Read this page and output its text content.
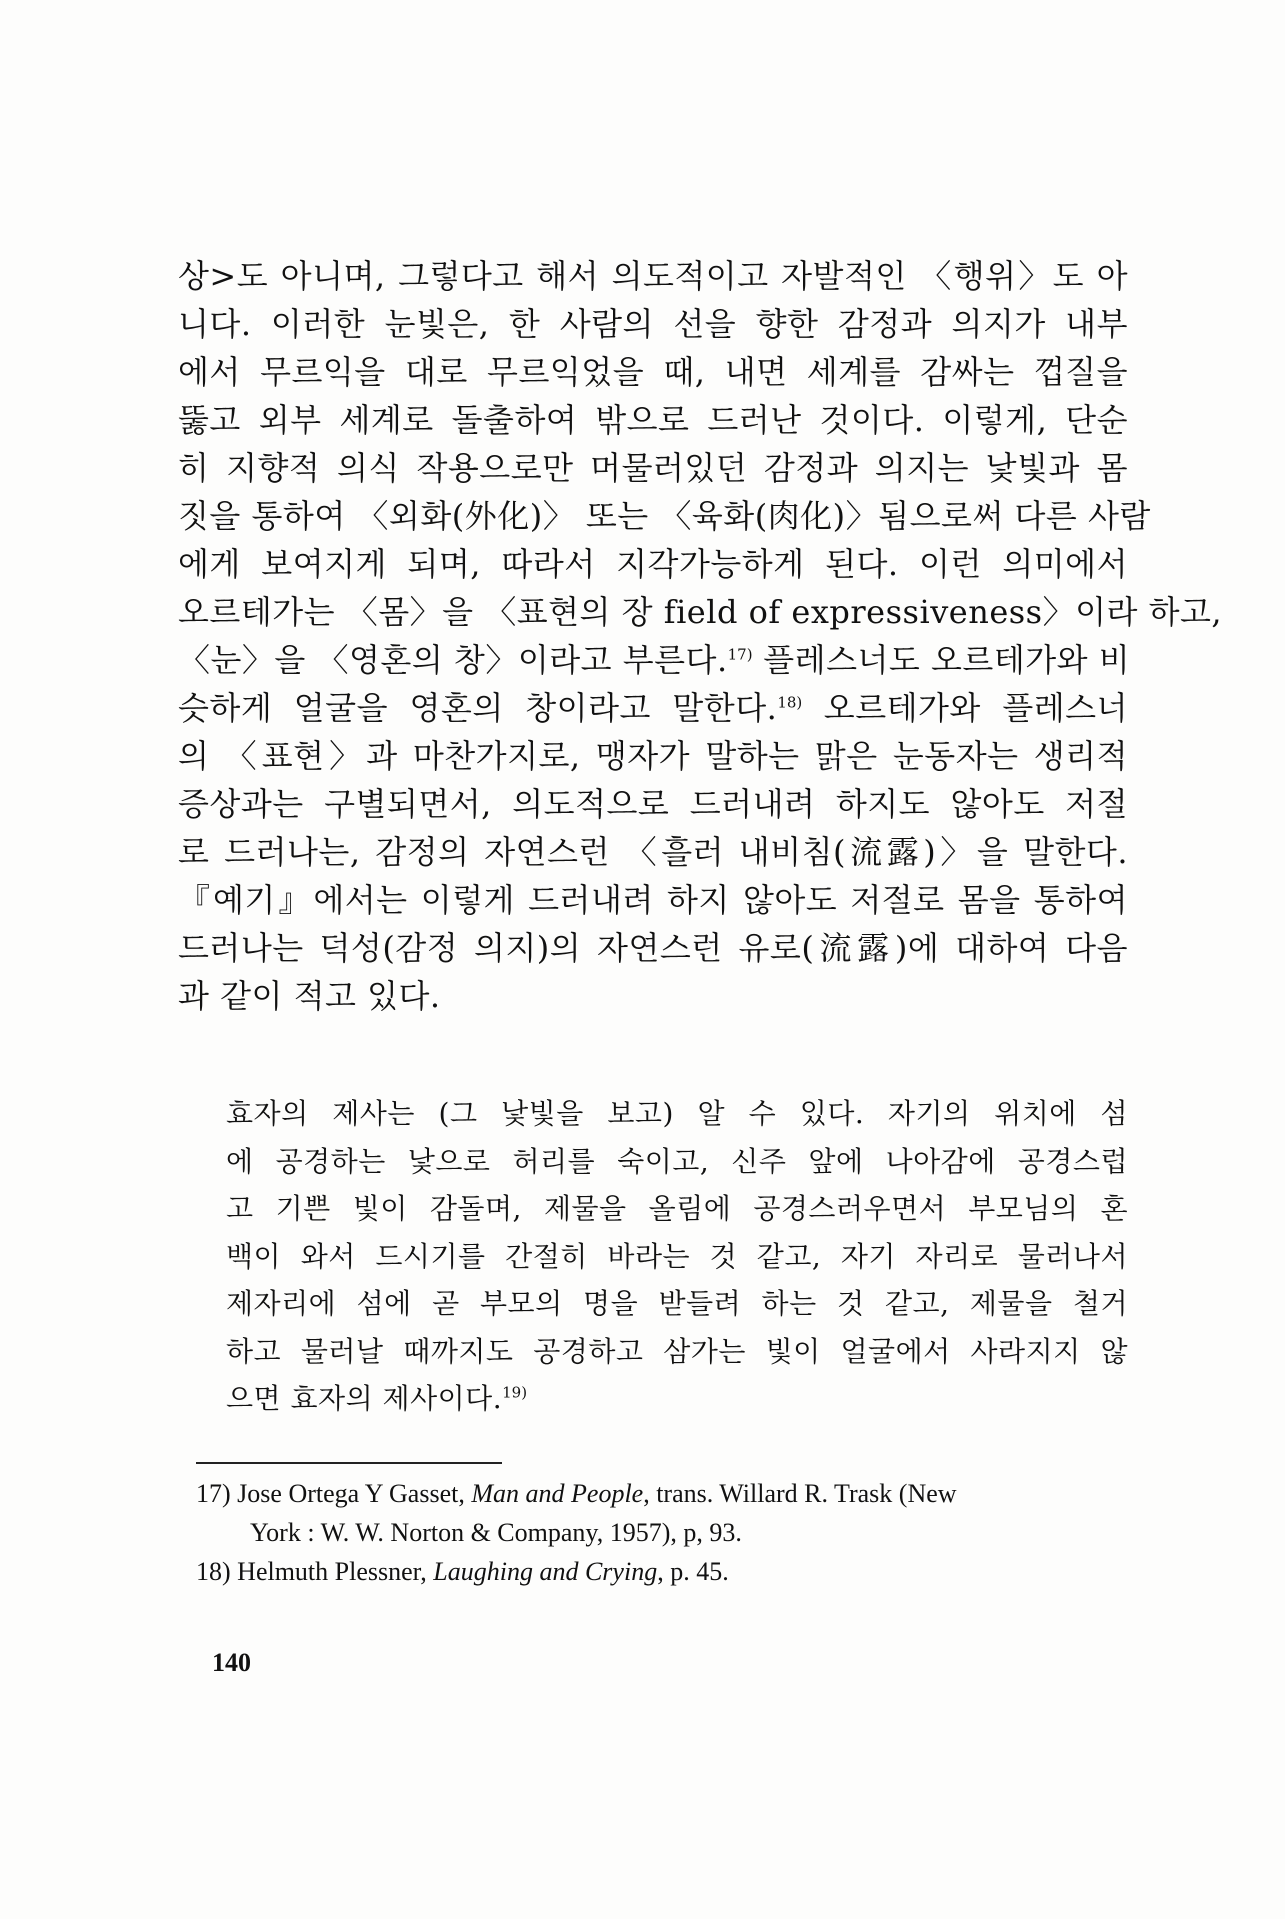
상>도 아니며, 그렇다고 해서 의도적이고 자발적인 〈행위〉도 아
니다. 이러한 눈빛은, 한 사람의 선을 향한 감정과 의지가 내부
에서 무르익을 대로 무르익었을 때, 내면 세계를 감싸는 껍질을
뚫고 외부 세계로 돌출하여 밖으로 드러난 것이다. 이렇게, 단순
히 지향적 의식 작용으로만 머물러있던 감정과 의지는 낯빛과 몸
짓을 통하여 〈외화(外化)〉 또는 〈육화(肉化)〉됨으로써 다른 사람
에게 보여지게 되며, 따라서 지각가능하게 된다. 이런 의미에서
오르테가는 〈몸〉을 〈표현의 장 field of expressiveness〉이라 하고,
〈눈〉을 〈영혼의 창〉이라고 부른다.$^{17)}$ 플레스너도 오르테가와 비
슷하게 얼굴을 영혼의 창이라고 말한다.$^{18)}$ 오르테가와 플레스너
의 〈표현〉과 마찬가지로, 맹자가 말하는 맑은 눈동자는 생리적
증상과는 구별되면서, 의도적으로 드러내려 하지도 않아도 저절
로 드러나는, 감정의 자연스런 〈흘러 내비침(流露)〉을 말한다.
『예기』에서는 이렇게 드러내려 하지 않아도 저절로 몸을 통하여
드러나는 덕성(감정 의지)의 자연스런 유로(流露)에 대하여 다음
과 같이 적고 있다.
효자의 제사는 (그 낯빛을 보고) 알 수 있다. 자기의 위치에 섬
에 공경하는 낯으로 허리를 숙이고, 신주 앞에 나아감에 공경스럽
고 기쁜 빛이 감돌며, 제물을 올림에 공경스러우면서 부모님의 혼
백이 와서 드시기를 간절히 바라는 것 같고, 자기 자리로 물러나서
제자리에 섬에 곧 부모의 명을 받들려 하는 것 같고, 제물을 철거
하고 물러날 때까지도 공경하고 삼가는 빛이 얼굴에서 사라지지 않
으면 효자의 제사이다.$^{19)}$
17) Jose Ortega Y Gasset, Man and People, trans. Willard R. Trask (New
York : W. W. Norton & Company, 1957), p, 93.
18) Helmuth Plessner, Laughing and Crying, p. 45.
140
